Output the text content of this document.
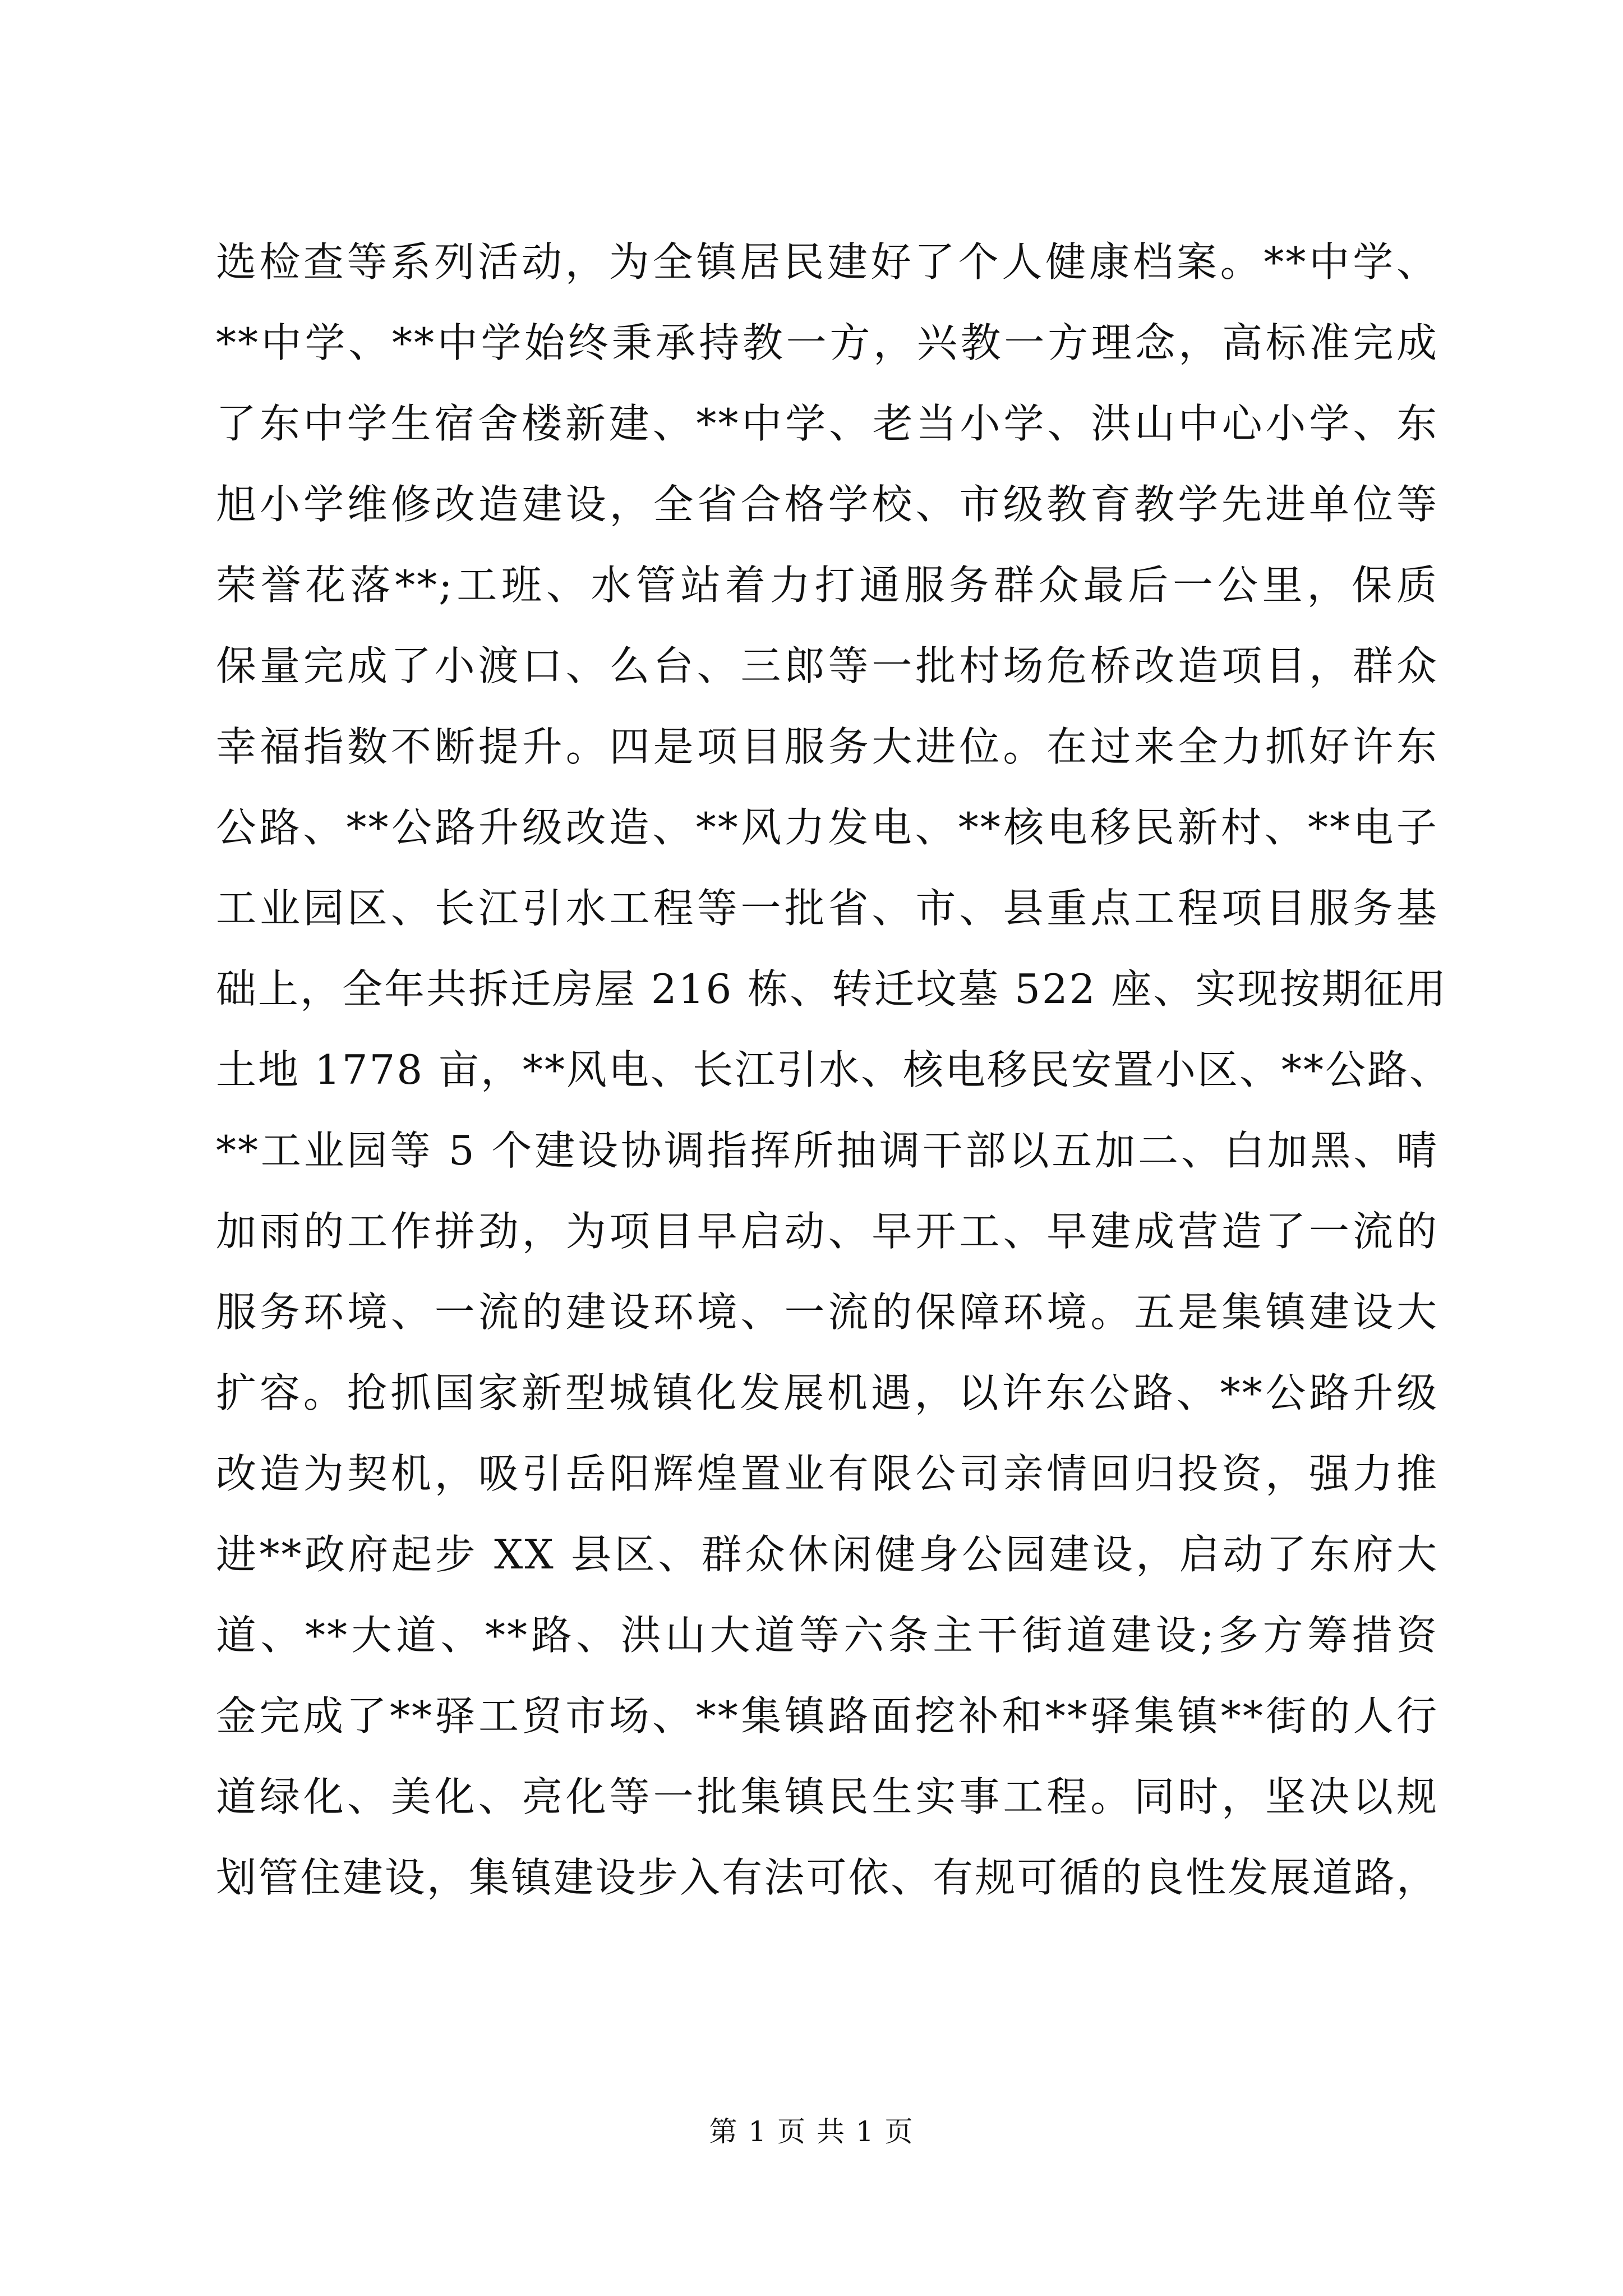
选检查等系列活动，为全镇居民建好了个人健康档案。**中学、
**中学、**中学始终秉承持教一方，兴教一方理念，高标准完成
了东中学生宿舍楼新建、**中学、老当小学、洪山中心小学、东
旭小学维修改造建设，全省合格学校、市级教育教学先进单位等
荣誉花落**;工班、水管站着力打通服务群众最后一公里，保质
保量完成了小渡口、么台、三郎等一批村场危桥改造项目，群众
幸福指数不断提升。四是项目服务大进位。在过来全力抓好许东
公路、**公路升级改造、**风力发电、**核电移民新村、**电子
工业园区、长江引水工程等一批省、市、县重点工程项目服务基
础上，全年共拆迁房屋 216 栋、转迁坟墓 522 座、实现按期征用
土地 1778 亩，**风电、长江引水、核电移民安置小区、**公路、
**工业园等 5 个建设协调指挥所抽调干部以五加二、白加黑、晴
加雨的工作拼劲，为项目早启动、早开工、早建成营造了一流的
服务环境、一流的建设环境、一流的保障环境。五是集镇建设大
扩容。抢抓国家新型城镇化发展机遇，以许东公路、**公路升级
改造为契机，吸引岳阳辉煌置业有限公司亲情回归投资，强力推
进**政府起步 XX 县区、群众休闲健身公园建设，启动了东府大
道、**大道、**路、洪山大道等六条主干街道建设;多方筹措资
金完成了**驿工贸市场、**集镇路面挖补和**驿集镇**街的人行
道绿化、美化、亮化等一批集镇民生实事工程。同时，坚决以规
划管住建设，集镇建设步入有法可依、有规可循的良性发展道路，
第 1 页 共 1 页
